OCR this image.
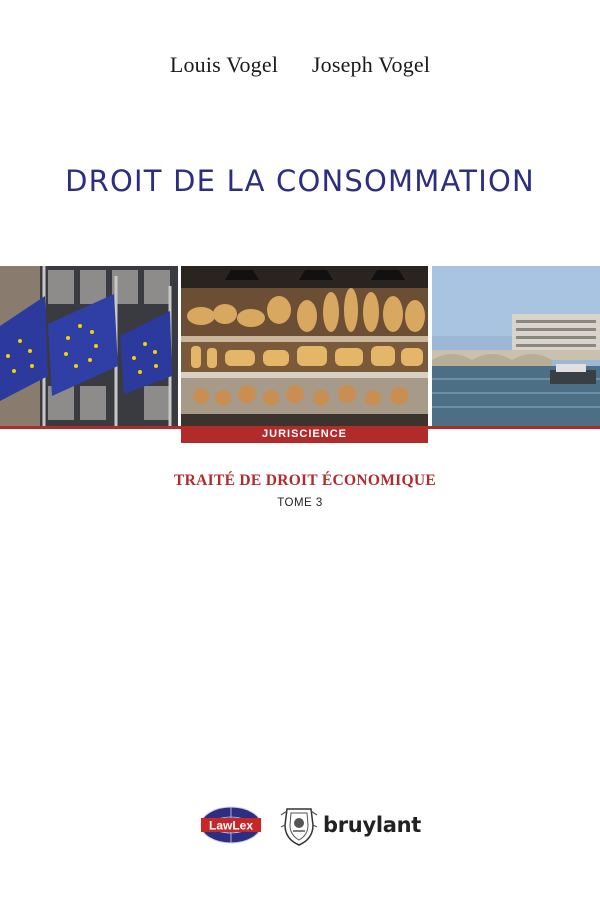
Louis Vogel Joseph Vogel
DROIT DE LA CONSOMMATION
JURISCIENCE
TRAITÉ DE DROIT ÉCONOMIQUE
TOME 3
LawLex	bruylant
